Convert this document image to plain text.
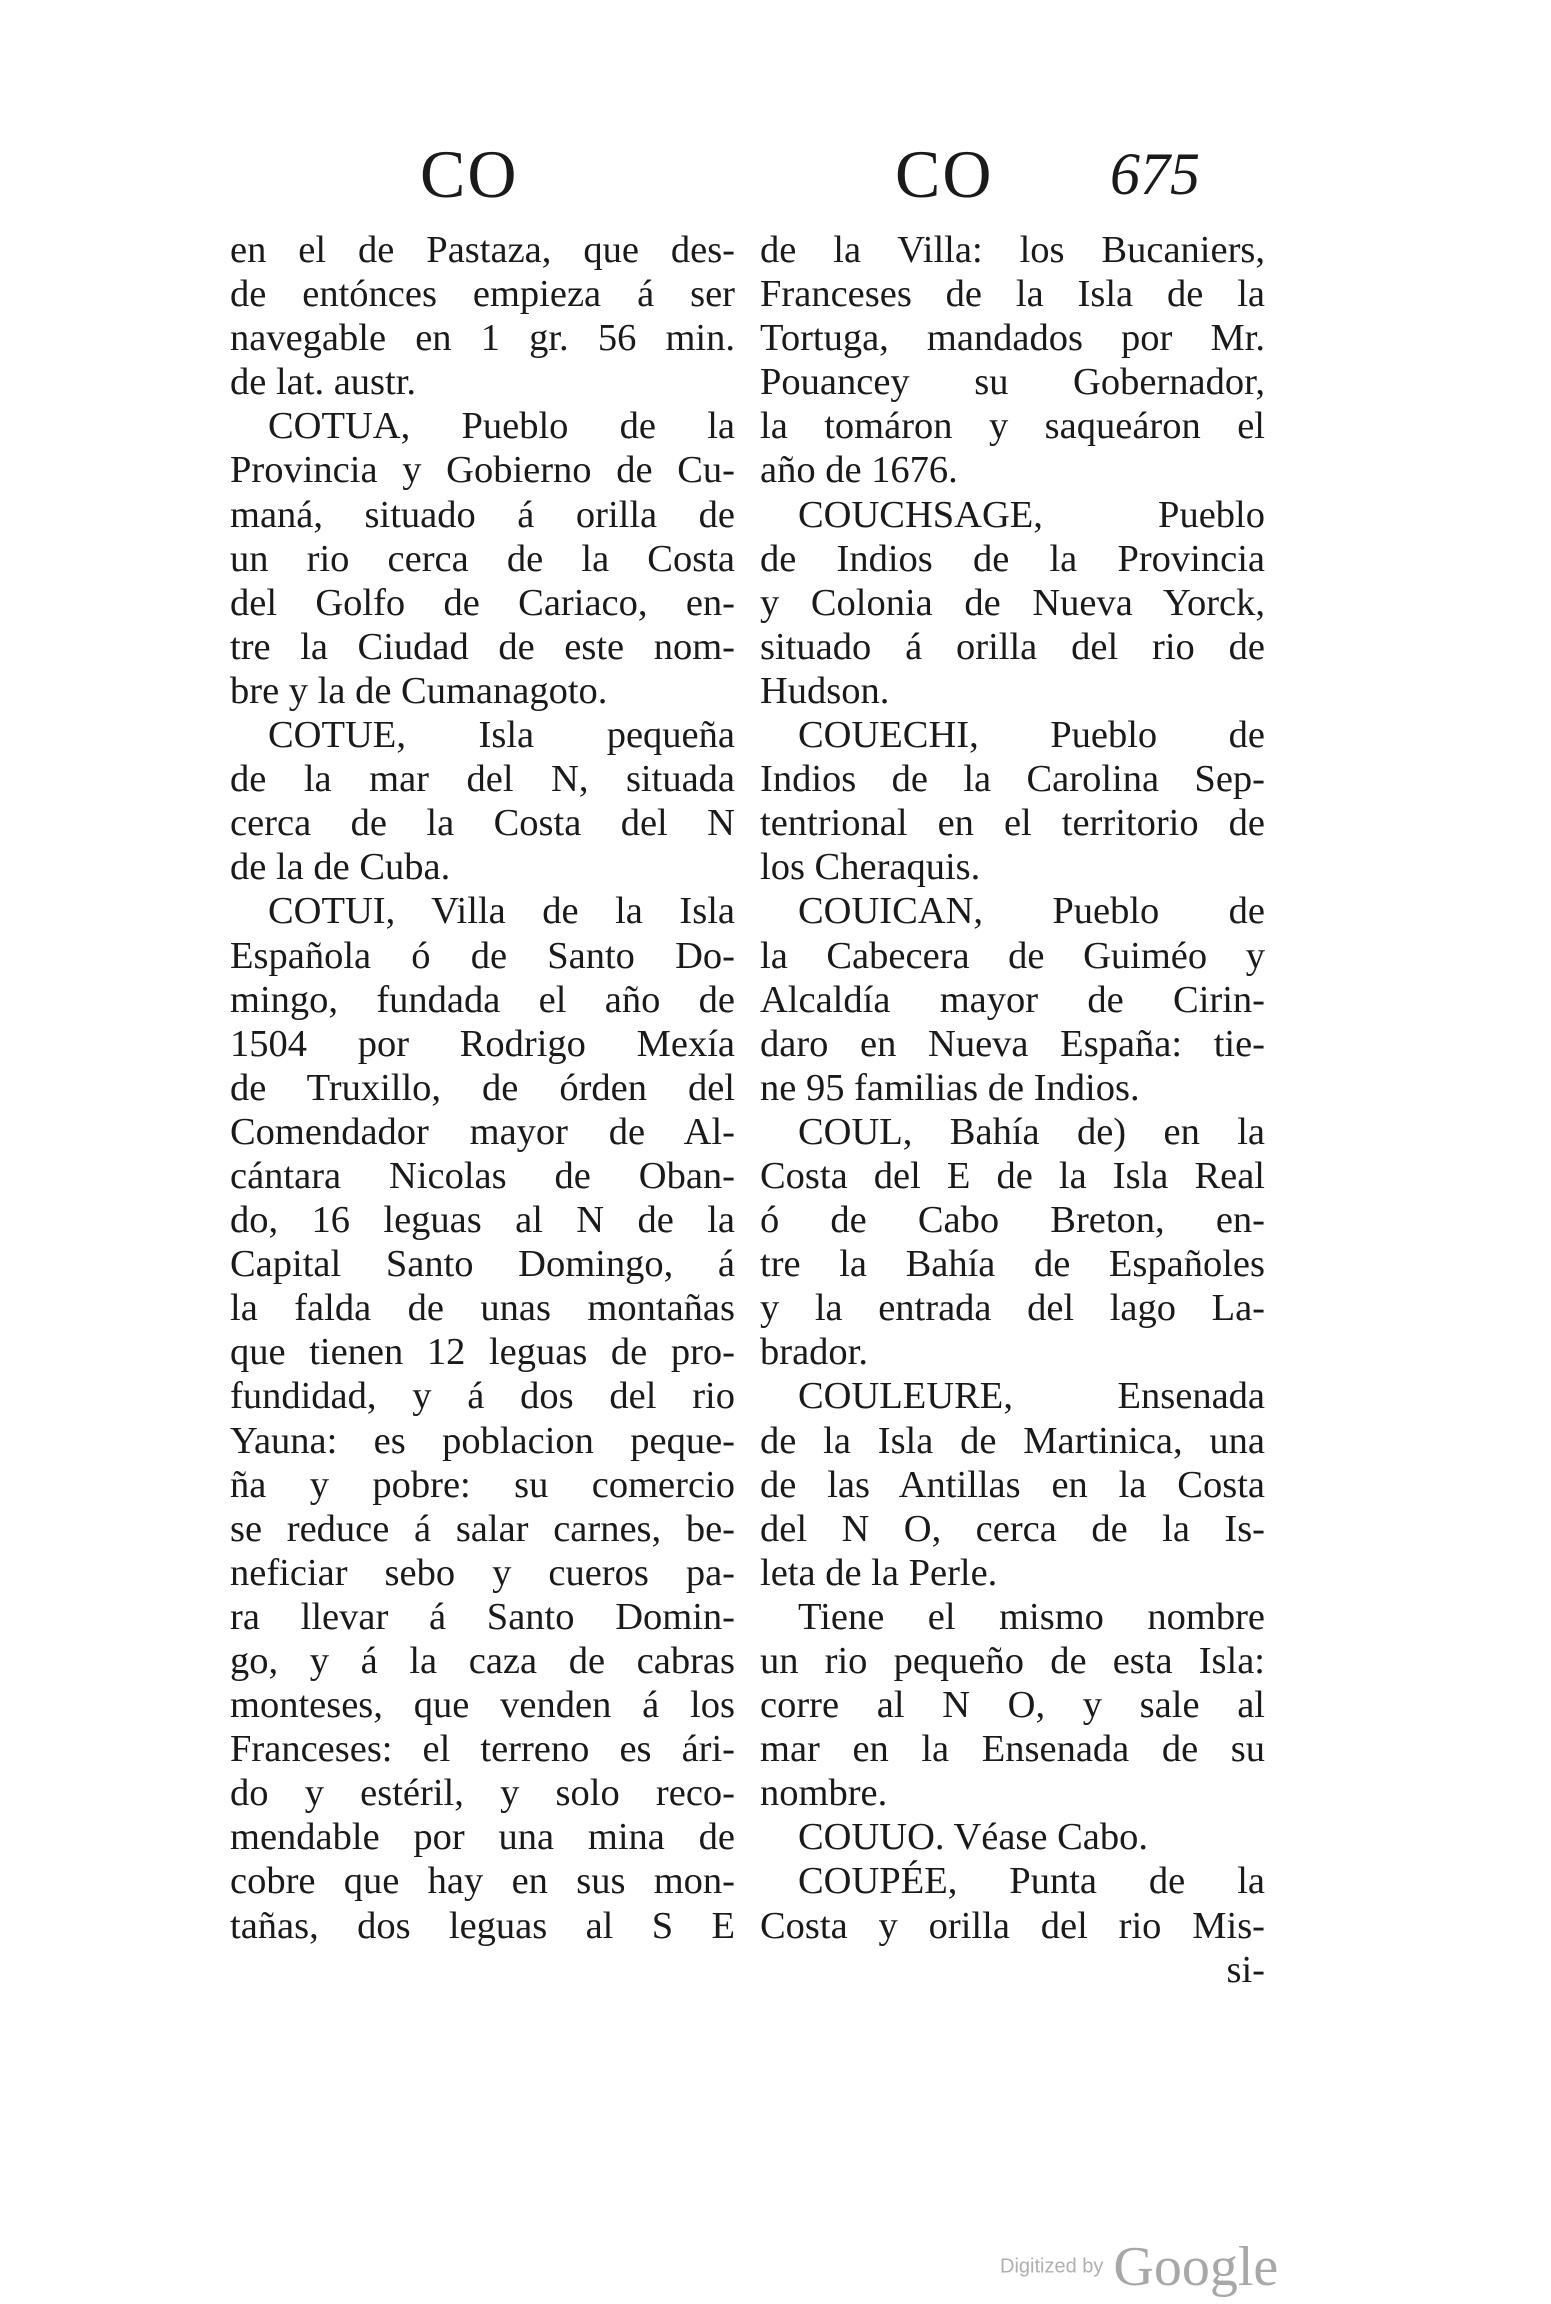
CO	CO 675
en el de Pastaza, que des-
de entónces empieza á ser
navegable en 1 gr. 56 min.
de lat. austr.
COTUA, Pueblo de la
Provincia y Gobierno de Cu-
maná, situado á orilla de
un rio cerca de la Costa
del Golfo de Cariaco, en-
tre la Ciudad de este nom-
bre y la de Cumanagoto.
COTUE, Isla pequeña
de la mar del N, situada
cerca de la Costa del N
de la de Cuba.
COTUI, Villa de la Isla
Española ó de Santo Do-
mingo, fundada el año de
1504 por Rodrigo Mexía
de Truxillo, de órden del
Comendador mayor de Al-
cántara Nicolas de Oban-
do, 16 leguas al N de la
Capital Santo Domingo, á
la falda de unas montañas
que tienen 12 leguas de pro-
fundidad, y á dos del rio
Yauna: es poblacion peque-
ña y pobre: su comercio
se reduce á salar carnes, be-
neficiar sebo y cueros pa-
ra llevar á Santo Domin-
go, y á la caza de cabras
monteses, que venden á los
Franceses: el terreno es ári-
do y estéril, y solo reco-
mendable por una mina de
cobre que hay en sus mon-
tañas, dos leguas al S E
de la Villa: los Bucaniers,
Franceses de la Isla de la
Tortuga, mandados por Mr.
Pouancey su Gobernador,
la tomáron y saqueáron el
año de 1676.
COUCHSAGE, Pueblo
de Indios de la Provincia
y Colonia de Nueva Yorck,
situado á orilla del rio de
Hudson.
COUECHI, Pueblo de
Indios de la Carolina Sep-
tentrional en el territorio de
los Cheraquis.
COUICAN, Pueblo de
la Cabecera de Guiméo y
Alcaldía mayor de Cirin-
daro en Nueva España: tie-
ne 95 familias de Indios.
COUL, Bahía de) en la
Costa del E de la Isla Real
ó de Cabo Breton, en-
tre la Bahía de Españoles
y la entrada del lago La-
brador.
COULEURE, Ensenada
de la Isla de Martinica, una
de las Antillas en la Costa
del N O, cerca de la Is-
leta de la Perle.
Tiene el mismo nombre
un rio pequeño de esta Isla:
corre al N O, y sale al
mar en la Ensenada de su
nombre.
COUUO. Véase Cabo.
COUPÉE, Punta de la
Costa y orilla del rio Mis-
si-
Digitized by Google
